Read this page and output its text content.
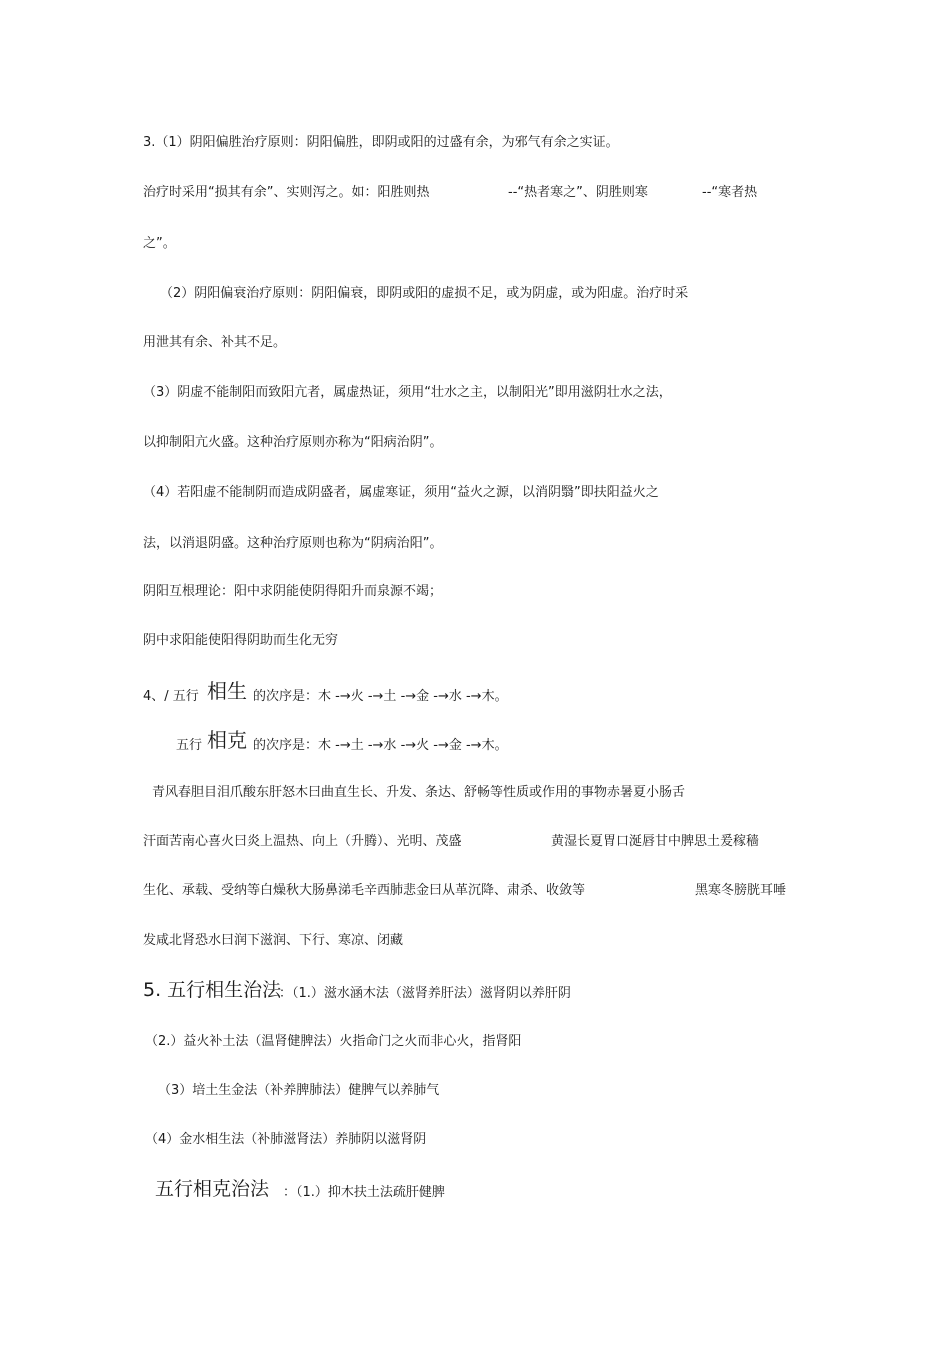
3.（1）阴阳偏胜治疗原则：阴阳偏胜，即阴或阳的过盛有余，为邪气有余之实证。
治疗时采用“损其有余”、实则泻之。如：阳胜则热	--“热者寒之”、阴胜则寒	--“寒者热
之”。
（2）阴阳偏衰治疗原则：阴阳偏衰，即阴或阳的虚损不足，或为阴虚，或为阳虚。治疗时采
用泄其有余、补其不足。
（3）阴虚不能制阳而致阳亢者，属虚热证，须用“壮水之主，以制阳光”即用滋阴壮水之法，
以抑制阳亢火盛。这种治疗原则亦称为“阳病治阴”。
（4）若阳虚不能制阴而造成阴盛者，属虚寒证，须用“益火之源，以消阴翳”即扶阳益火之
法，以消退阴盛。这种治疗原则也称为“阴病治阳”。
阴阳互根理论：阳中求阴能使阴得阳升而泉源不竭；
阴中求阳能使阳得阴助而生化无穷
4、/ 五行 相生 的次序是：木 -→火 -→土 -→金 -→水 -→木。
五行 相克 的次序是：木 -→土 -→水 -→火 -→金 -→木。
青风春胆目泪爪酸东肝怒木曰曲直生长、升发、条达、舒畅等性质或作用的事物赤暑夏小肠舌
汗面苦南心喜火曰炎上温热、向上（升腾）、光明、茂盛	黄湿长夏胃口涎唇甘中脾思土爰稼穑
生化、承载、受纳等白燥秋大肠鼻涕毛辛西肺悲金曰从革沉降、肃杀、收敛等	黑寒冬膀胱耳唾
发咸北肾恐水曰润下滋润、下行、寒凉、闭藏
5. 五行相生治法
：（1.）滋水涵木法（滋肾养肝法）滋肾阴以养肝阴
（2.）益火补土法（温肾健脾法）火指命门之火而非心火，指肾阳
（3）培土生金法（补养脾肺法）健脾气以养肺气
（4）金水相生法（补肺滋肾法）养肺阴以滋肾阴
五行相克治法 ：（1.）抑木扶土法疏肝健脾
